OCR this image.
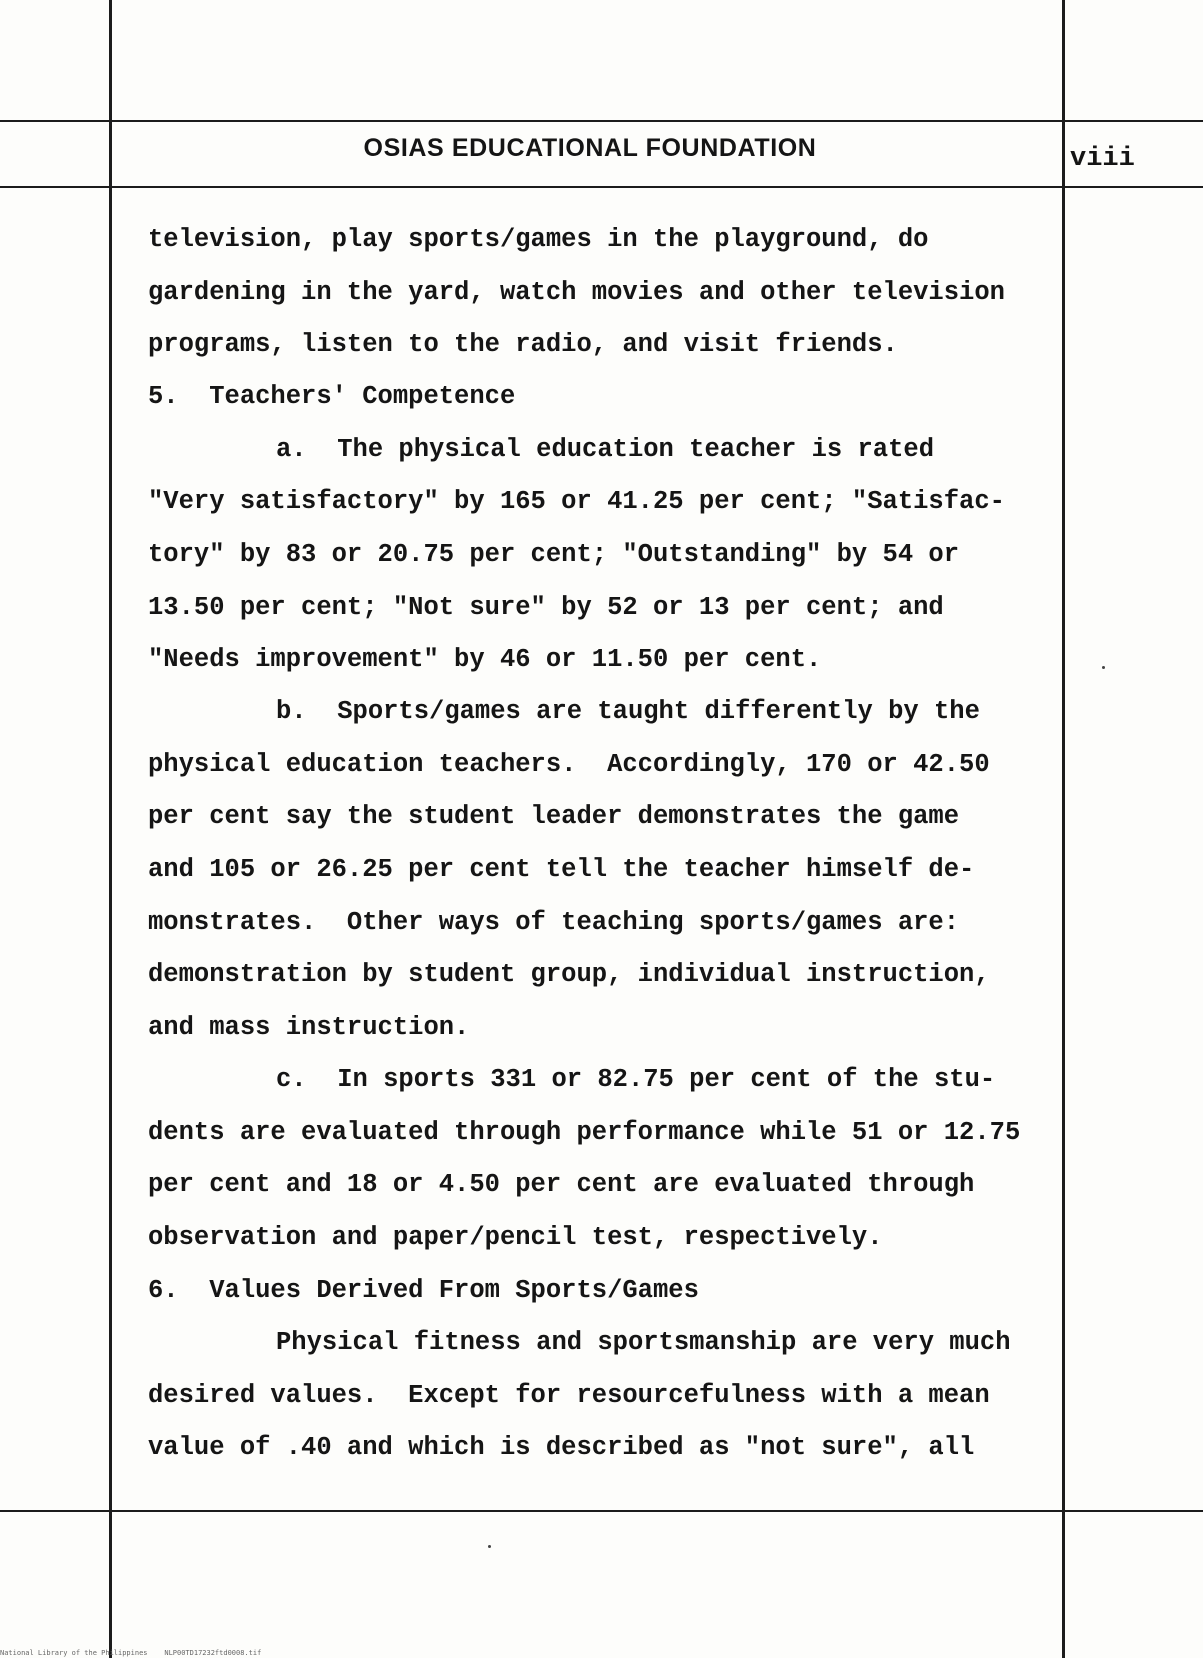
OSIAS EDUCATIONAL FOUNDATION	viii
television, play sports/games in the playground, do
gardening in the yard, watch movies and other television
programs, listen to the radio, and visit friends.
5.  Teachers' Competence
a.  The physical education teacher is rated
"Very satisfactory" by 165 or 41.25 per cent; "Satisfac-
tory" by 83 or 20.75 per cent; "Outstanding" by 54 or
13.50 per cent; "Not sure" by 52 or 13 per cent; and
"Needs improvement" by 46 or 11.50 per cent.
b.  Sports/games are taught differently by the
physical education teachers.  Accordingly, 170 or 42.50
per cent say the student leader demonstrates the game
and 105 or 26.25 per cent tell the teacher himself de-
monstrates.  Other ways of teaching sports/games are:
demonstration by student group, individual instruction,
and mass instruction.
c.  In sports 331 or 82.75 per cent of the stu-
dents are evaluated through performance while 51 or 12.75
per cent and 18 or 4.50 per cent are evaluated through
observation and paper/pencil test, respectively.
6.  Values Derived From Sports/Games
Physical fitness and sportsmanship are very much
desired values.  Except for resourcefulness with a mean
value of .40 and which is described as "not sure", all
National Library of the Philippines    NLP00TD17232ftd0008.tif
